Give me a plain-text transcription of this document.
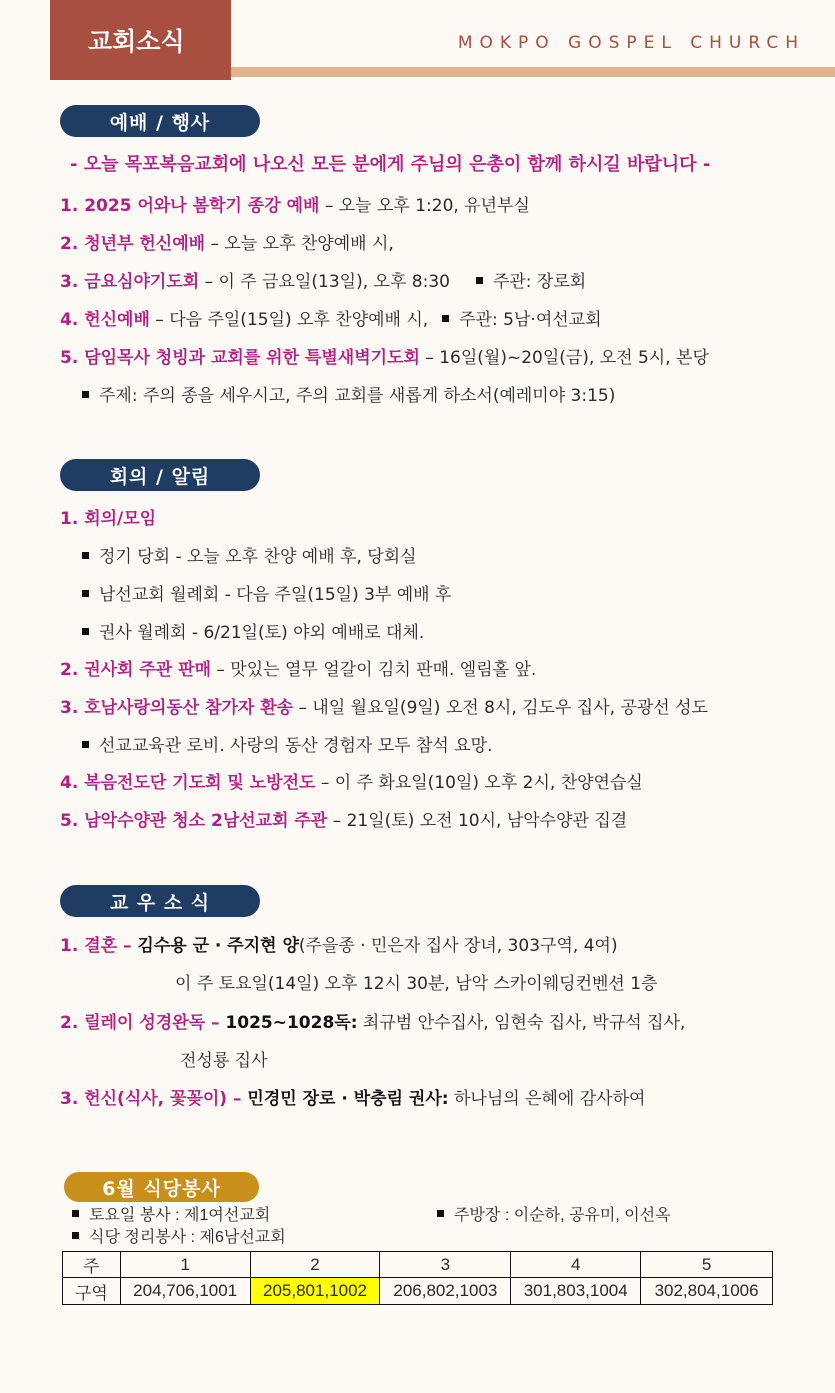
교회소식	MOKPO GOSPEL CHURCH
예배 / 행사
- 오늘 목포복음교회에 나오신 모든 분에게 주님의 은총이 함께 하시길 바랍니다 -
1. 2025 어와나 봄학기 종강 예배 – 오늘 오후 1:20, 유년부실
2. 청년부 헌신예배 – 오늘 오후 찬양예배 시,
3. 금요심야기도회 – 이 주 금요일(13일), 오후 8:30	주관: 장로회
4. 헌신예배 – 다음 주일(15일) 오후 찬양예배 시, 주관: 5남·여선교회
5. 담임목사 청빙과 교회를 위한 특별새벽기도회 – 16일(월)~20일(금), 오전 5시, 본당
주제: 주의 종을 세우시고, 주의 교회를 새롭게 하소서(예레미야 3:15)
회의 / 알림
1. 회의/모임
정기 당회 - 오늘 오후 찬양 예배 후, 당회실
남선교회 월례회 - 다음 주일(15일) 3부 예배 후
권사 월례회 - 6/21일(토) 야외 예배로 대체.
2. 권사회 주관 판매 – 맛있는 열무 얼갈이 김치 판매. 엘림홀 앞.
3. 호남사랑의동산 참가자 환송 – 내일 월요일(9일) 오전 8시, 김도우 집사, 공광선 성도
선교교육관 로비. 사랑의 동산 경험자 모두 참석 요망.
4. 복음전도단 기도회 및 노방전도 – 이 주 화요일(10일) 오후 2시, 찬양연습실
5. 남악수양관 청소 2남선교회 주관 – 21일(토) 오전 10시, 남악수양관 집결
교 우 소 식
1. 결혼 – 김수용 군 · 주지현 양(주을종 · 민은자 집사 장녀, 303구역, 4여)
이 주 토요일(14일) 오후 12시 30분, 남악 스카이웨딩컨벤션 1층
2. 릴레이 성경완독 – 1025~1028독: 최규범 안수집사, 임현숙 집사, 박규석 집사,
전성룡 집사
3. 헌신(식사, 꽃꽂이) – 민경민 장로 · 박충림 권사: 하나님의 은혜에 감사하여
6월 식당봉사
토요일 봉사 : 제1여선교회	주방장 : 이순하, 공유미, 이선옥
식당 정리봉사 : 제6남선교회
주	1	2	3	4	5
구역	204,706,1001	205,801,1002	206,802,1003	301,803,1004	302,804,1006
